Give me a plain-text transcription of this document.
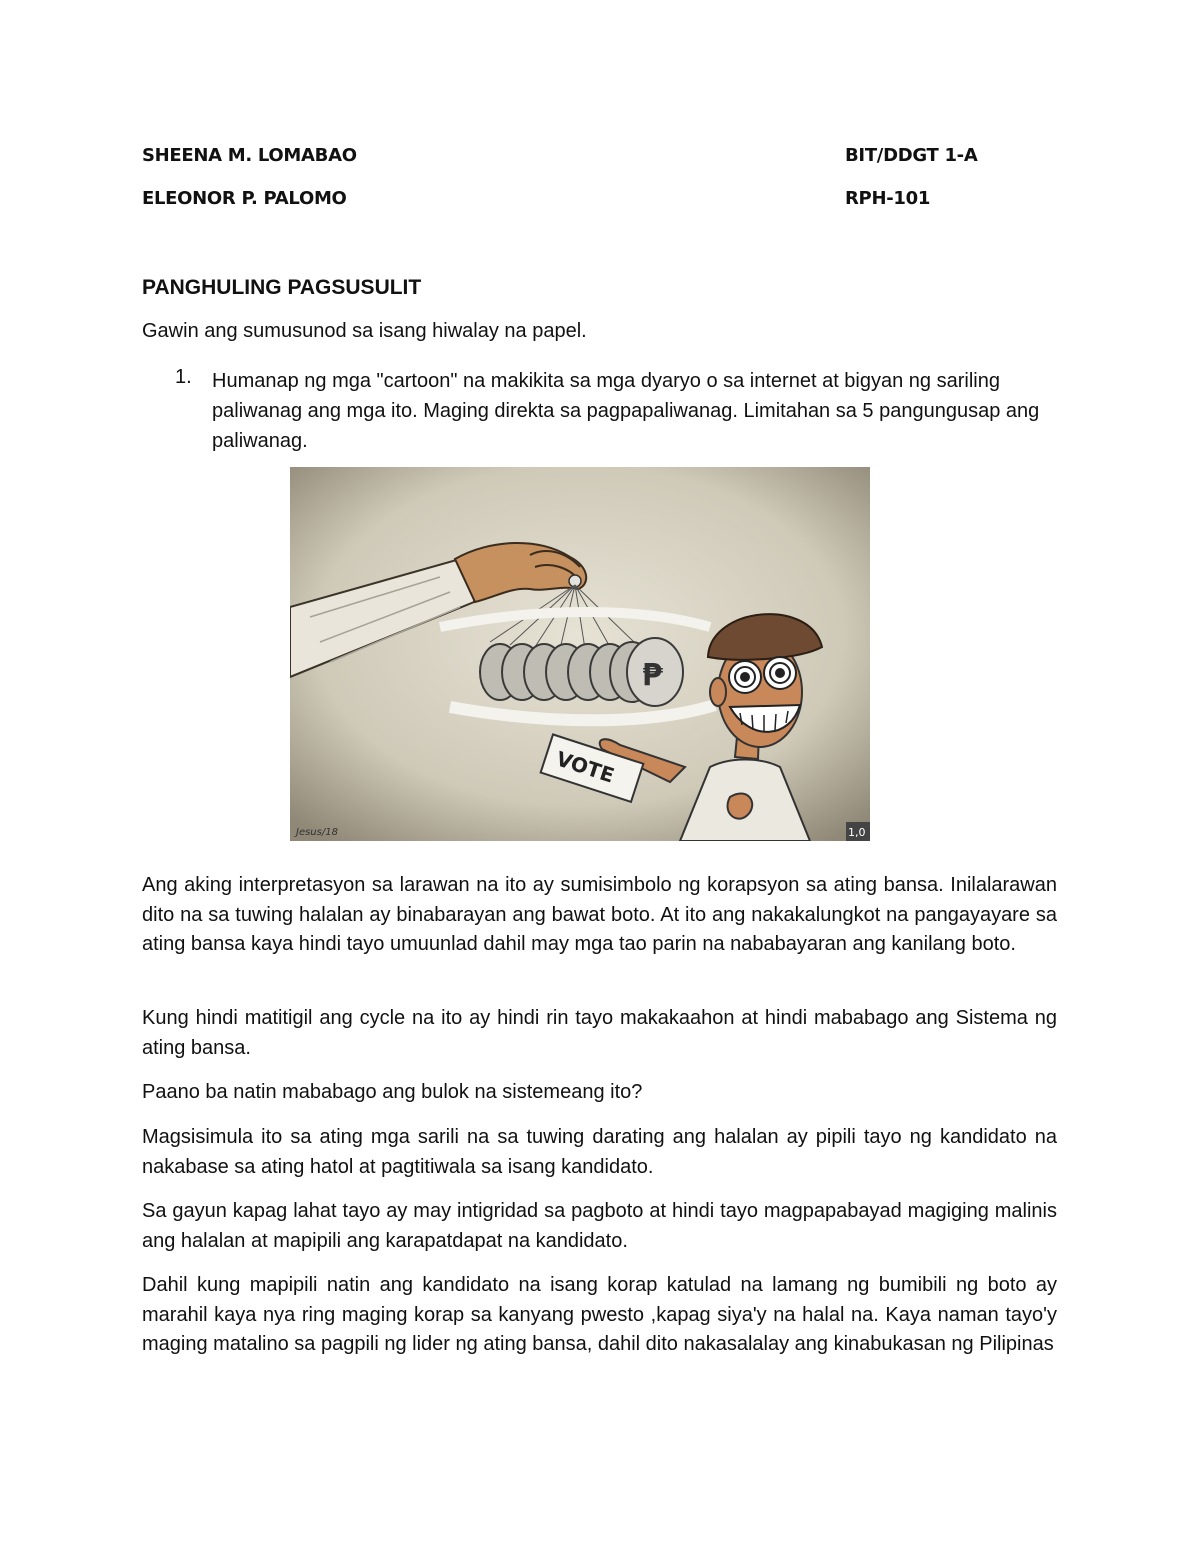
SHEENA M. LOMABAO	BIT/DDGT 1-A
ELEONOR P. PALOMO	RPH-101
PANGHULING PAGSUSULIT
Gawin ang sumusunod sa isang hiwalay na papel.
1. Humanap ng mga "cartoon" na makikita sa mga dyaryo o sa internet at bigyan ng sariling paliwanag ang mga ito. Maging direkta sa pagpapaliwanag. Limitahan sa 5 pangungusap ang paliwanag.
₱
VOTE
Jesus/18	1,0
Ang aking interpretasyon sa larawan na ito ay sumisimbolo ng korapsyon sa ating bansa. Inilalarawan dito na sa tuwing halalan ay binabarayan ang bawat boto. At ito ang nakakalungkot na pangayayare sa ating bansa kaya hindi tayo umuunlad dahil may mga tao parin na nababayaran ang kanilang boto.
Kung hindi matitigil ang cycle na ito ay hindi rin tayo makakaahon at hindi mababago ang Sistema ng ating bansa.
Paano ba natin mababago ang bulok na sistemeang ito?
Magsisimula ito sa ating mga sarili na sa tuwing darating ang halalan ay pipili tayo ng kandidato na nakabase sa ating hatol at pagtitiwala sa isang kandidato.
Sa gayun kapag lahat tayo ay may intigridad sa pagboto at hindi tayo magpapabayad magiging malinis ang halalan at mapipili ang karapatdapat na kandidato.
Dahil kung mapipili natin ang kandidato na isang korap katulad na lamang ng bumibili ng boto ay marahil kaya nya ring maging korap sa kanyang pwesto ,kapag siya'y na halal na. Kaya naman tayo'y maging matalino sa pagpili ng lider ng ating bansa, dahil dito nakasalalay ang kinabukasan ng Pilipinas
